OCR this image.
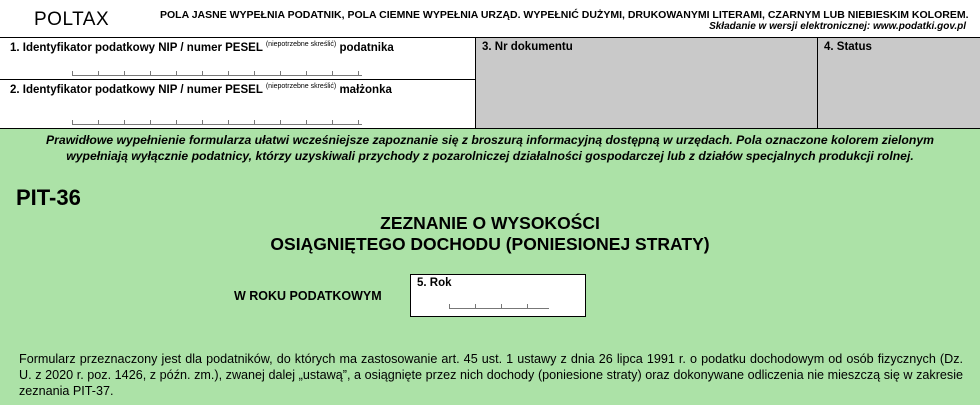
POLTAX	POLA JASNE WYPEŁNIA PODATNIK, POLA CIEMNE WYPEŁNIA URZĄD. WYPEŁNIĆ DUŻYMI, DRUKOWANYMI LITERAMI, CZARNYM LUB NIEBIESKIM KOLOREM.
Składanie w wersji elektronicznej: www.podatki.gov.pl
1. Identyfikator podatkowy NIP / numer PESEL $^{(niepotrzebne skreślić)}$ podatnika
2. Identyfikator podatkowy NIP / numer PESEL $^{(niepotrzebne skreślić)}$ małżonka
3. Nr dokumentu	4. Status
Prawidłowe wypełnienie formularza ułatwi wcześniejsze zapoznanie się z broszurą informacyjną dostępną w urzędach. Pola oznaczone kolorem zielonym wypełniają wyłącznie podatnicy, którzy uzyskiwali przychody z pozarolniczej działalności gospodarczej lub z działów specjalnych produkcji rolnej.
PIT-36
ZEZNANIE O WYSOKOŚCI
OSIĄGNIĘTEGO DOCHODU (PONIESIONEJ STRATY)
W ROKU PODATKOWYM
5. Rok
Formularz przeznaczony jest dla podatników, do których ma zastosowanie art. 45 ust. 1 ustawy z dnia 26 lipca 1991 r. o podatku dochodowym od osób fizycznych (Dz. U. z 2020 r. poz. 1426, z późn. zm.), zwanej dalej „ustawą”, a osiągnięte przez nich dochody (poniesione straty) oraz dokonywane odliczenia nie mieszczą się w zakresie zeznania PIT-37.
